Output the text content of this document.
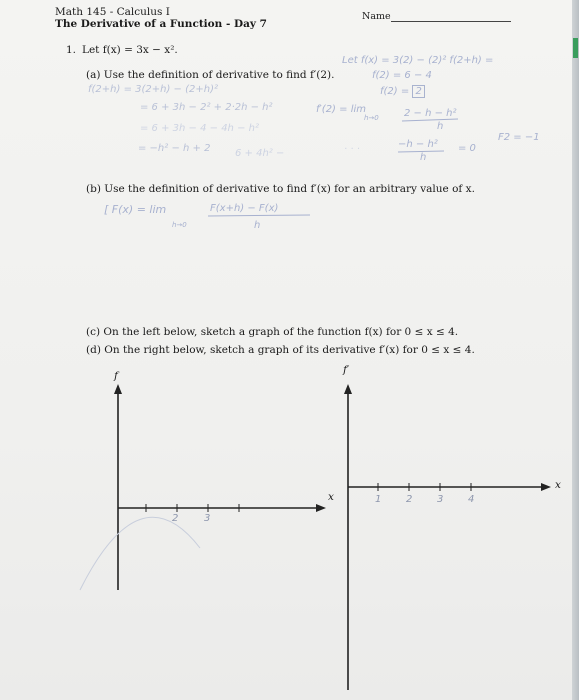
Math 145 - Calculus I
The Derivative of a Function - Day 7
Name
1. Let f(x) = 3x − x².
(a) Use the definition of derivative to find f′(2).
f(2+h) = 3(2+h) − (2+h)²
= 6 + 3h − 2² + 2·2h − h²
= 6 + 3h − 4 − 4h − h²
= −h² − h + 2 6 + 4h² −
Let f(x) = 3(2) − (2)² f(2+h) =
f(2) = 6 − 4
f(2) = 2
f′(2) = lim
h→0	2 − h − h²
h
−h − h²
h
= 0
F2 = −1
· · ·
(b) Use the definition of derivative to find f′(x) for an arbitrary value of x.
[ F(x) = lim
h→0
F(x+h) − F(x)
h
(c) On the left below, sketch a graph of the function f(x) for 0 ≤ x ≤ 4.
(d) On the right below, sketch a graph of its derivative f′(x) for 0 ≤ x ≤ 4.
f
x
f′
x
2	3
1 2 3 4
